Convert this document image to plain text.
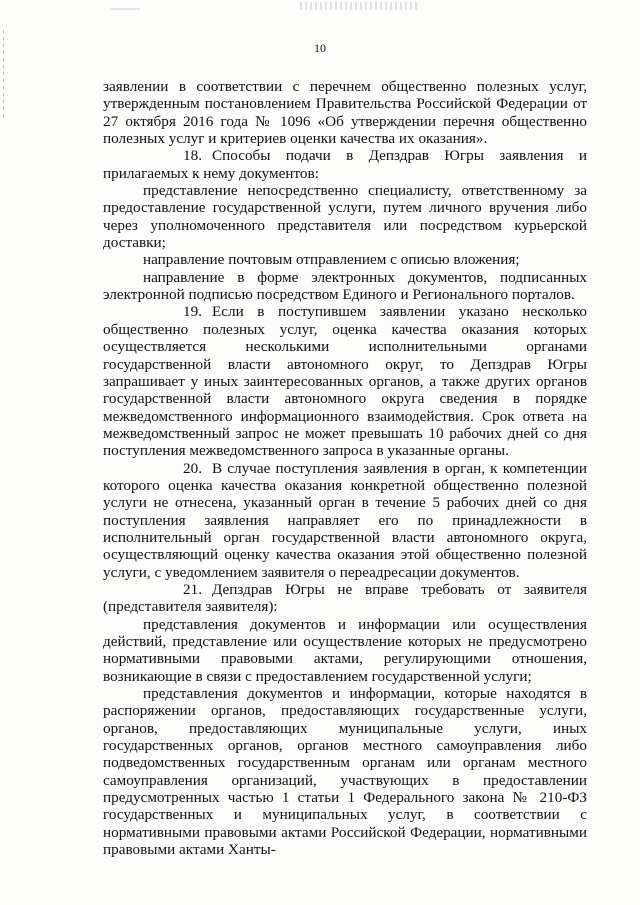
10

заявлении в соответствии с перечнем общественно полезных услуг, утвержденным постановлением Правительства Российской Федерации от 27 октября 2016 года № 1096 «Об утверждении перечня общественно полезных услуг и критериев оценки качества их оказания».

18. Способы подачи в Депздрав Югры заявления и прилагаемых к нему документов:

представление непосредственно специалисту, ответственному за предоставление государственной услуги, путем личного вручения либо через уполномоченного представителя или посредством курьерской доставки;

направление почтовым отправлением с описью вложения;

направление в форме электронных документов, подписанных электронной подписью посредством Единого и Регионального порталов.

19. Если в поступившем заявлении указано несколько общественно полезных услуг, оценка качества оказания которых осуществляется несколькими исполнительными органами государственной власти автономного округ, то Депздрав Югры запрашивает у иных заинтересованных органов, а также других органов государственной власти автономного округа сведения в порядке межведомственного информационного взаимодействия. Срок ответа на межведомственный запрос не может превышать 10 рабочих дней со дня поступления межведомственного запроса в указанные органы.

20. В случае поступления заявления в орган, к компетенции которого оценка качества оказания конкретной общественно полезной услуги не отнесена, указанный орган в течение 5 рабочих дней со дня поступления заявления направляет его по принадлежности в исполнительный орган государственной власти автономного округа, осуществляющий оценку качества оказания этой общественно полезной услуги, с уведомлением заявителя о переадресации документов.

21. Депздрав Югры не вправе требовать от заявителя (представителя заявителя):

представления документов и информации или осуществления действий, представление или осуществление которых не предусмотрено нормативными правовыми актами, регулирующими отношения, возникающие в связи с предоставлением государственной услуги;

представления документов и информации, которые находятся в распоряжении органов, предоставляющих государственные услуги, органов, предоставляющих муниципальные услуги, иных государственных органов, органов местного самоуправления либо подведомственных государственным органам или органам местного самоуправления организаций, участвующих в предоставлении предусмотренных частью 1 статьи 1 Федерального закона № 210-ФЗ государственных и муниципальных услуг, в соответствии с нормативными правовыми актами Российской Федерации, нормативными правовыми актами Ханты-
